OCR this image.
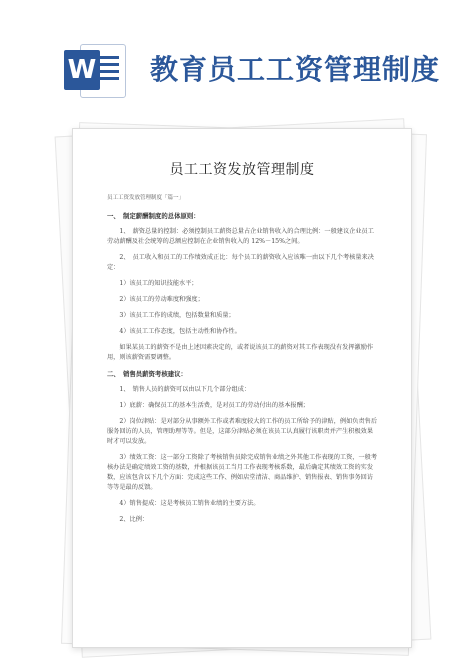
W 教育员工工资管理制度
员工工资发放管理制度
员工工资发放管理制度「篇一」
一、　制定薪酬制度的总体原则：
1、　薪资总量的控制：必须控制员工薪资总量占企业销售收入的合理比例：一般建议企业员工劳动薪酬及社会统筹的总额应控制在企业销售收入的 12%－15%之间。
2、　员工收入和员工的工作绩效成正比：每个员工的薪资收入应该唯一由以下几个考核量来决定：
1）该员工的知识技能水平；
2）该员工的劳动难度和强度；
3）该员工工作的成绩，包括数量和质量；
4）该员工工作态度，包括主动性和协作性。
如果某员工的薪资不是由上述因素决定的，或者说该员工的薪资对其工作表现没有发挥激励作用，则该薪资需要调整。
二、　销售员薪资考核建议：
1、　销售人员的薪资可以由以下几个部分组成：
1）底薪：确保员工的基本生活费，是对员工的劳动付出的基本报酬；
2）岗位津贴：是对部分从事额外工作或者难度较大的工作的员工所给予的津贴，例如负责售后服务回访的人员，管理助理等等。但是，这部分津贴必须在该员工认真履行该职责并产生积极效果时才可以发放。
3）绩效工资：这一部分工资除了考核销售员除完成销售业绩之外其他工作表现的工资，一般考核办法是确定绩效工资的基数，并根据该员工当月工作表现考核系数，最后确定其绩效工资的实发数，应该包含以下几个方面：完成这些工作、例如店堂清洁、商品维护、销售报表、销售事务回访等等是最的反馈。
4）销售提成：这是考核员工销售业绩的主要方法。
2、比例：
